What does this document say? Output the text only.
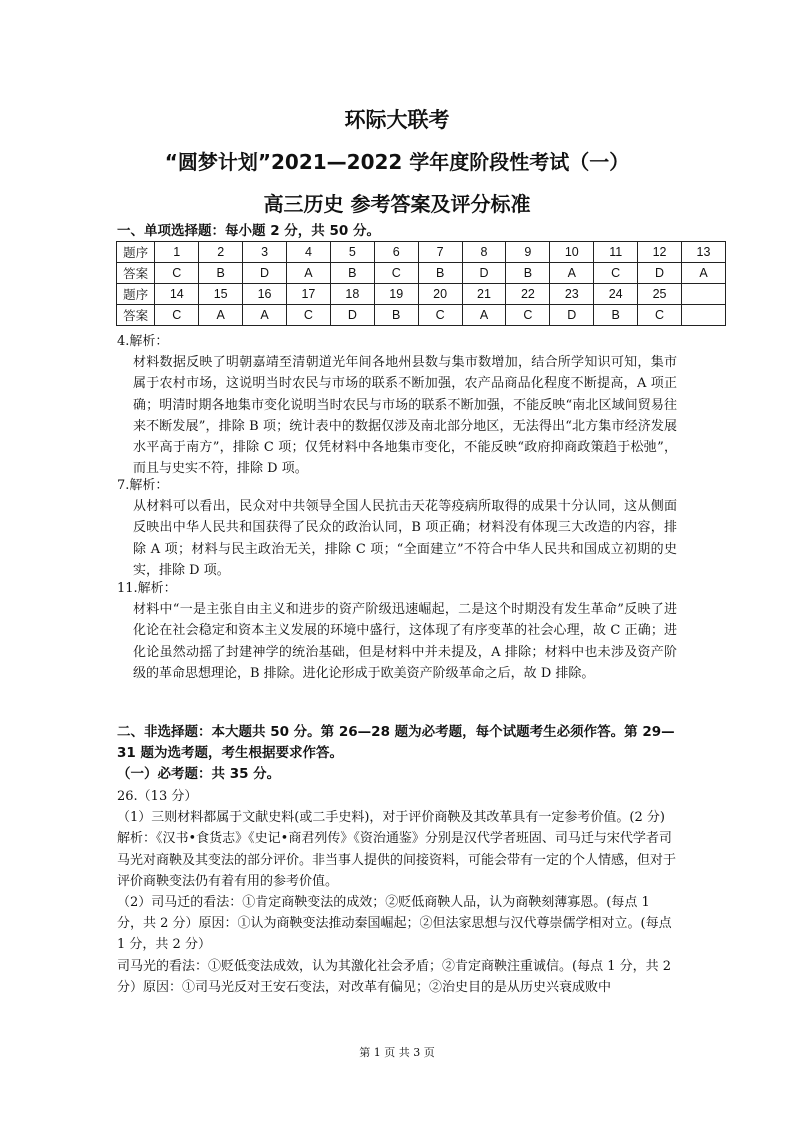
环际大联考
“圆梦计划”2021—2022 学年度阶段性考试（一）
高三历史 参考答案及评分标准
一、单项选择题：每小题 2 分，共 50 分。
题序	1	2	3	4	5	6	7	8	9	10	11	12	13
答案	C	B	D	A	B	C	B	D	B	A	C	D	A
题序	14	15	16	17	18	19	20	21	22	23	24	25	
答案	C	A	A	C	D	B	C	A	C	D	B	C	

4.解析：

材料数据反映了明朝嘉靖至清朝道光年间各地州县数与集市数增加，结合所学知识可知，集市属于农村市场，这说明当时农民与市场的联系不断加强，农产品商品化程度不断提高，A 项正确；明清时期各地集市变化说明当时农民与市场的联系不断加强，不能反映“南北区域间贸易往来不断发展”，排除 B 项；统计表中的数据仅涉及南北部分地区，无法得出“北方集市经济发展水平高于南方”，排除 C 项；仅凭材料中各地集市变化，不能反映“政府抑商政策趋于松弛”，而且与史实不符，排除 D 项。

7.解析：

从材料可以看出，民众对中共领导全国人民抗击天花等疫病所取得的成果十分认同，这从侧面反映出中华人民共和国获得了民众的政治认同，B 项正确；材料没有体现三大改造的内容，排除 A 项；材料与民主政治无关，排除 C 项；“全面建立”不符合中华人民共和国成立初期的史实，排除 D 项。

11.解析：

材料中“一是主张自由主义和进步的资产阶级迅速崛起，二是这个时期没有发生革命”反映了进化论在社会稳定和资本主义发展的环境中盛行，这体现了有序变革的社会心理，故 C 正确；进化论虽然动摇了封建神学的统治基础，但是材料中并未提及，A 排除；材料中也未涉及资产阶级的革命思想理论，B 排除。进化论形成于欧美资产阶级革命之后，故 D 排除。

二、非选择题：本大题共 50 分。第 26—28 题为必考题，每个试题考生必须作答。第 29—31 题为选考题，考生根据要求作答。
（一）必考题：共 35 分。

26.（13 分）

（1）三则材料都属于文献史料(或二手史料)，对于评价商鞅及其改革具有一定参考价值。(2 分)

解析：《汉书•食货志》《史记•商君列传》《资治通鉴》分别是汉代学者班固、司马迁与宋代学者司马光对商鞅及其变法的部分评价。非当事人提供的间接资料，可能会带有一定的个人情感，但对于评价商鞅变法仍有着有用的参考价值。

（2）司马迁的看法：①肯定商鞅变法的成效；②贬低商鞅人品，认为商鞅刻薄寡恩。(每点 1 分，共 2 分）原因：①认为商鞅变法推动秦国崛起；②但法家思想与汉代尊崇儒学相对立。(每点 1 分，共 2 分）

司马光的看法：①贬低变法成效，认为其激化社会矛盾；②肯定商鞅注重诚信。(每点 1 分，共 2 分）原因：①司马光反对王安石变法，对改革有偏见；②治史目的是从历史兴衰成败中

第 1 页 共 3 页
